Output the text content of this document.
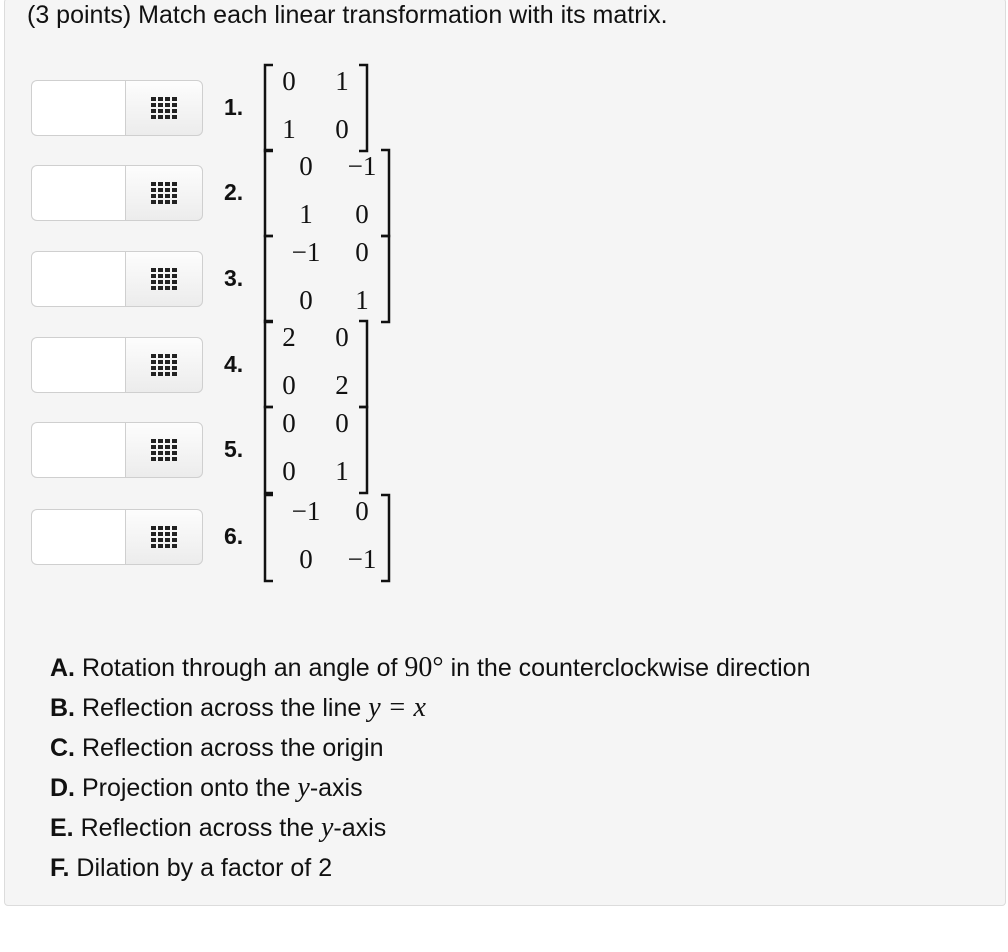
(3 points) Match each linear transformation with its matrix.
1.
0	1
1	0
2.
0	−1
1	0
3.
−1	0
0	1
4.
2	0
0	2
5.
0	0
0	1
6.
−1	0
0	−1
A. Rotation through an angle of 90° in the counterclockwise direction
B. Reflection across the line y = x
C. Reflection across the origin
D. Projection onto the y-axis
E. Reflection across the y-axis
F. Dilation by a factor of 2
